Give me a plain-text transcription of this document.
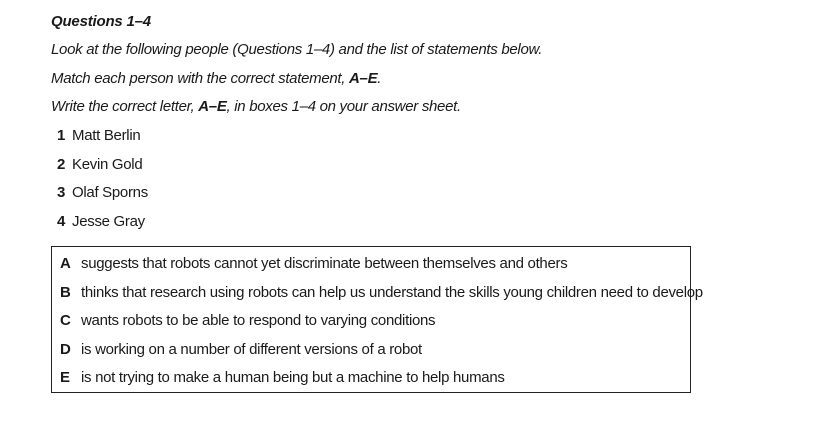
Questions 1–4
Look at the following people (Questions 1–4) and the list of statements below.
Match each person with the correct statement, A–E.
Write the correct letter, A–E, in boxes 1–4 on your answer sheet.
1 Matt Berlin
2 Kevin Gold
3 Olaf Sporns
4 Jesse Gray
A suggests that robots cannot yet discriminate between themselves and others
B thinks that research using robots can help us understand the skills young children need to develop
C wants robots to be able to respond to varying conditions
D is working on a number of different versions of a robot
E is not trying to make a human being but a machine to help humans
